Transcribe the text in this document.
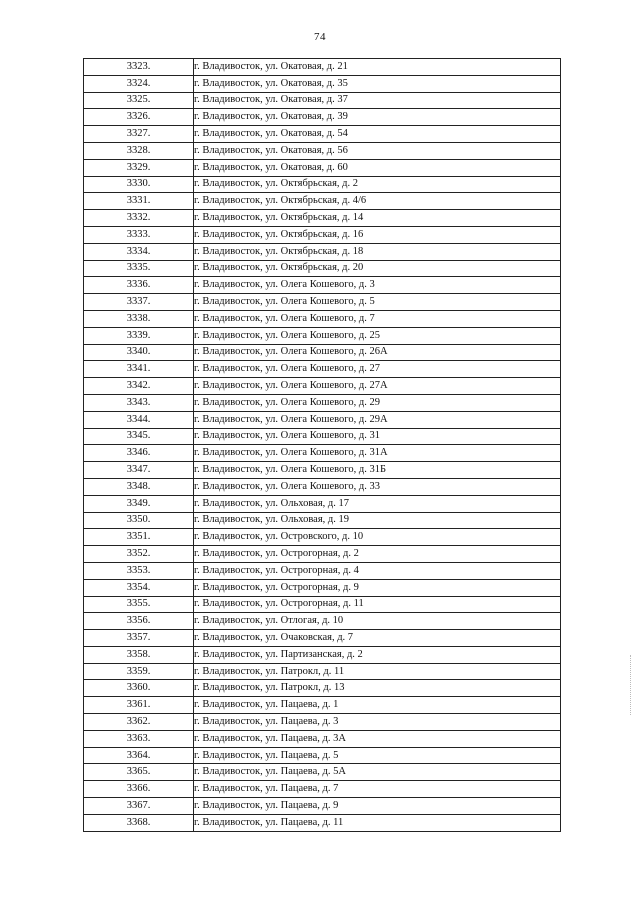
74
3323.	г. Владивосток, ул. Окатовая, д. 21
3324.	г. Владивосток, ул. Окатовая, д. 35
3325.	г. Владивосток, ул. Окатовая, д. 37
3326.	г. Владивосток, ул. Окатовая, д. 39
3327.	г. Владивосток, ул. Окатовая, д. 54
3328.	г. Владивосток, ул. Окатовая, д. 56
3329.	г. Владивосток, ул. Окатовая, д. 60
3330.	г. Владивосток, ул. Октябрьская, д. 2
3331.	г. Владивосток, ул. Октябрьская, д. 4/6
3332.	г. Владивосток, ул. Октябрьская, д. 14
3333.	г. Владивосток, ул. Октябрьская, д. 16
3334.	г. Владивосток, ул. Октябрьская, д. 18
3335.	г. Владивосток, ул. Октябрьская, д. 20
3336.	г. Владивосток, ул. Олега Кошевого, д. 3
3337.	г. Владивосток, ул. Олега Кошевого, д. 5
3338.	г. Владивосток, ул. Олега Кошевого, д. 7
3339.	г. Владивосток, ул. Олега Кошевого, д. 25
3340.	г. Владивосток, ул. Олега Кошевого, д. 26А
3341.	г. Владивосток, ул. Олега Кошевого, д. 27
3342.	г. Владивосток, ул. Олега Кошевого, д. 27А
3343.	г. Владивосток, ул. Олега Кошевого, д. 29
3344.	г. Владивосток, ул. Олега Кошевого, д. 29А
3345.	г. Владивосток, ул. Олега Кошевого, д. 31
3346.	г. Владивосток, ул. Олега Кошевого, д. 31А
3347.	г. Владивосток, ул. Олега Кошевого, д. 31Б
3348.	г. Владивосток, ул. Олега Кошевого, д. 33
3349.	г. Владивосток, ул. Ольховая, д. 17
3350.	г. Владивосток, ул. Ольховая, д. 19
3351.	г. Владивосток, ул. Островского, д. 10
3352.	г. Владивосток, ул. Острогорная, д. 2
3353.	г. Владивосток, ул. Острогорная, д. 4
3354.	г. Владивосток, ул. Острогорная, д. 9
3355.	г. Владивосток, ул. Острогорная, д. 11
3356.	г. Владивосток, ул. Отлогая, д. 10
3357.	г. Владивосток, ул. Очаковская, д. 7
3358.	г. Владивосток, ул. Партизанская, д. 2
3359.	г. Владивосток, ул. Патрокл, д. 11
3360.	г. Владивосток, ул. Патрокл, д. 13
3361.	г. Владивосток, ул. Пацаева, д. 1
3362.	г. Владивосток, ул. Пацаева, д. 3
3363.	г. Владивосток, ул. Пацаева, д. 3А
3364.	г. Владивосток, ул. Пацаева, д. 5
3365.	г. Владивосток, ул. Пацаева, д. 5А
3366.	г. Владивосток, ул. Пацаева, д. 7
3367.	г. Владивосток, ул. Пацаева, д. 9
3368.	г. Владивосток, ул. Пацаева, д. 11
